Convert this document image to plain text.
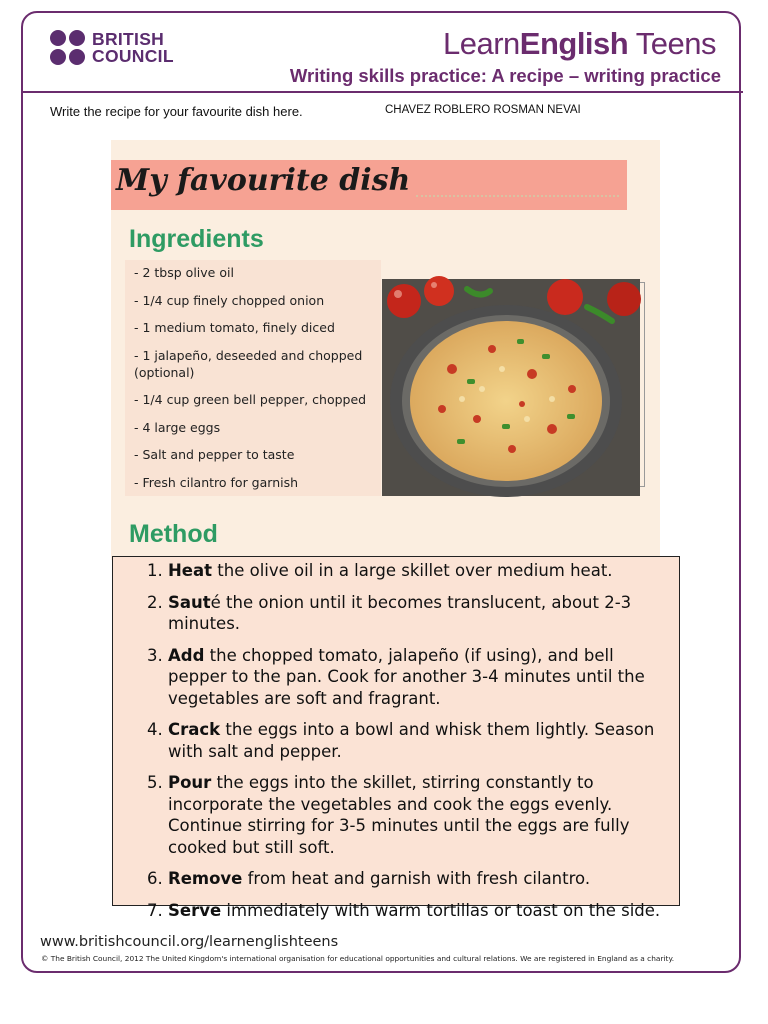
BRITISH
COUNCIL	LearnEnglish Teens
Writing skills practice: A recipe – writing practice
Write the recipe for your favourite dish here.	CHAVEZ ROBLERO ROSMAN NEVAI
My favourite dish
Ingredients
- 2 tbsp olive oil
- 1/4 cup finely chopped onion
- 1 medium tomato, finely diced
- 1 jalapeño, deseeded and chopped (optional)
- 1/4 cup green bell pepper, chopped
- 4 large eggs
- Salt and pepper to taste
- Fresh cilantro for garnish
Method
1. Heat the olive oil in a large skillet over medium heat.
2. Sauté the onion until it becomes translucent, about 2-3 minutes.
3. Add the chopped tomato, jalapeño (if using), and bell pepper to the pan. Cook for another 3-4 minutes until the vegetables are soft and fragrant.
4. Crack the eggs into a bowl and whisk them lightly. Season with salt and pepper.
5. Pour the eggs into the skillet, stirring constantly to incorporate the vegetables and cook the eggs evenly. Continue stirring for 3-5 minutes until the eggs are fully cooked but still soft.
6. Remove from heat and garnish with fresh cilantro.
7. Serve immediately with warm tortillas or toast on the side.
www.britishcouncil.org/learnenglishteens
© The British Council, 2012 The United Kingdom's international organisation for educational opportunities and cultural relations. We are registered in England as a charity.
